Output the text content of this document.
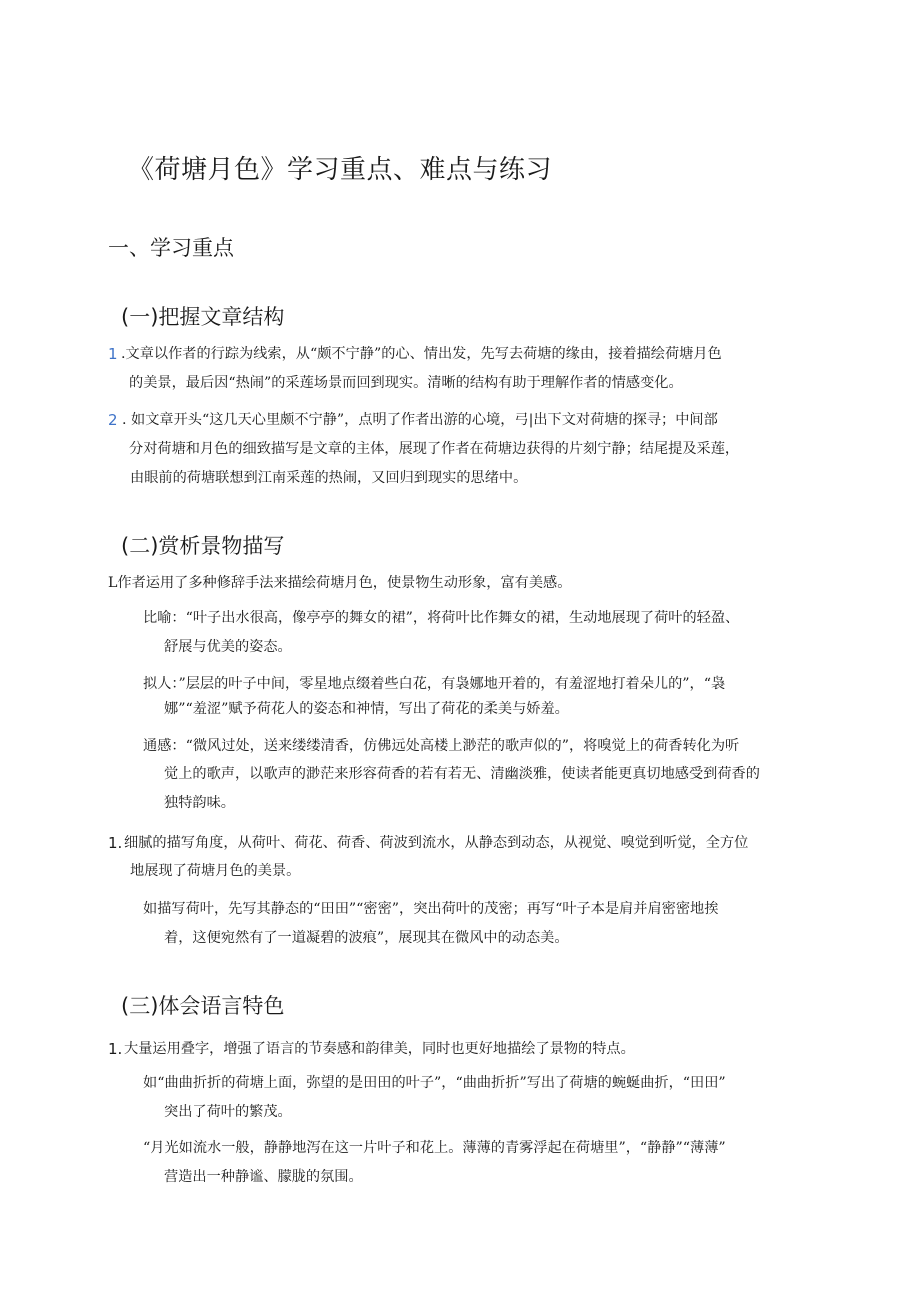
《荷塘月色》学习重点、难点与练习
一、学习重点
(一)把握文章结构
1 .文章以作者的行踪为线索，从“颇不宁静”的心、情出发，先写去荷塘的缘由，接着描绘荷塘月色
的美景，最后因“热闹”的采莲场景而回到现实。清晰的结构有助于理解作者的情感变化。
2 . 如文章开头“这几天心里颇不宁静”，点明了作者出游的心境，弓|出下文对荷塘的探寻；中间部
分对荷塘和月色的细致描写是文章的主体，展现了作者在荷塘边获得的片刻宁静；结尾提及采莲，
由眼前的荷塘联想到江南采莲的热闹，又回归到现实的思绪中。
(二)赏析景物描写
L作者运用了多种修辞手法来描绘荷塘月色，使景物生动形象，富有美感。
比喻：“叶子出水很高，像亭亭的舞女的裙”，将荷叶比作舞女的裙，生动地展现了荷叶的轻盈、
舒展与优美的姿态。
拟人：”层层的叶子中间，零星地点缀着些白花，有袅娜地开着的，有羞涩地打着朵儿的”，“袅
娜”“羞涩”赋予荷花人的姿态和神情，写出了荷花的柔美与娇羞。
通感：“微风过处，送来缕缕清香，仿佛远处高楼上渺茫的歌声似的”，将嗅觉上的荷香转化为听
觉上的歌声，以歌声的渺茫来形容荷香的若有若无、清幽淡雅，使读者能更真切地感受到荷香的
独特韵味。
1. 细腻的描写角度，从荷叶、荷花、荷香、荷波到流水，从静态到动态，从视觉、嗅觉到听觉，全方位
地展现了荷塘月色的美景。
如描写荷叶，先写其静态的“田田”“密密”，突出荷叶的茂密；再写“叶子本是肩并肩密密地挨
着，这便宛然有了一道凝碧的波痕”，展现其在微风中的动态美。
(三)体会语言特色
1. 大量运用叠字，增强了语言的节奏感和韵律美，同时也更好地描绘了景物的特点。
如“曲曲折折的荷塘上面，弥望的是田田的叶子”，“曲曲折折”写出了荷塘的蜿蜒曲折，“田田”
突出了荷叶的繁茂。
“月光如流水一般，静静地泻在这一片叶子和花上。薄薄的青雾浮起在荷塘里”，“静静”“薄薄”
营造出一种静谧、朦胧的氛围。
